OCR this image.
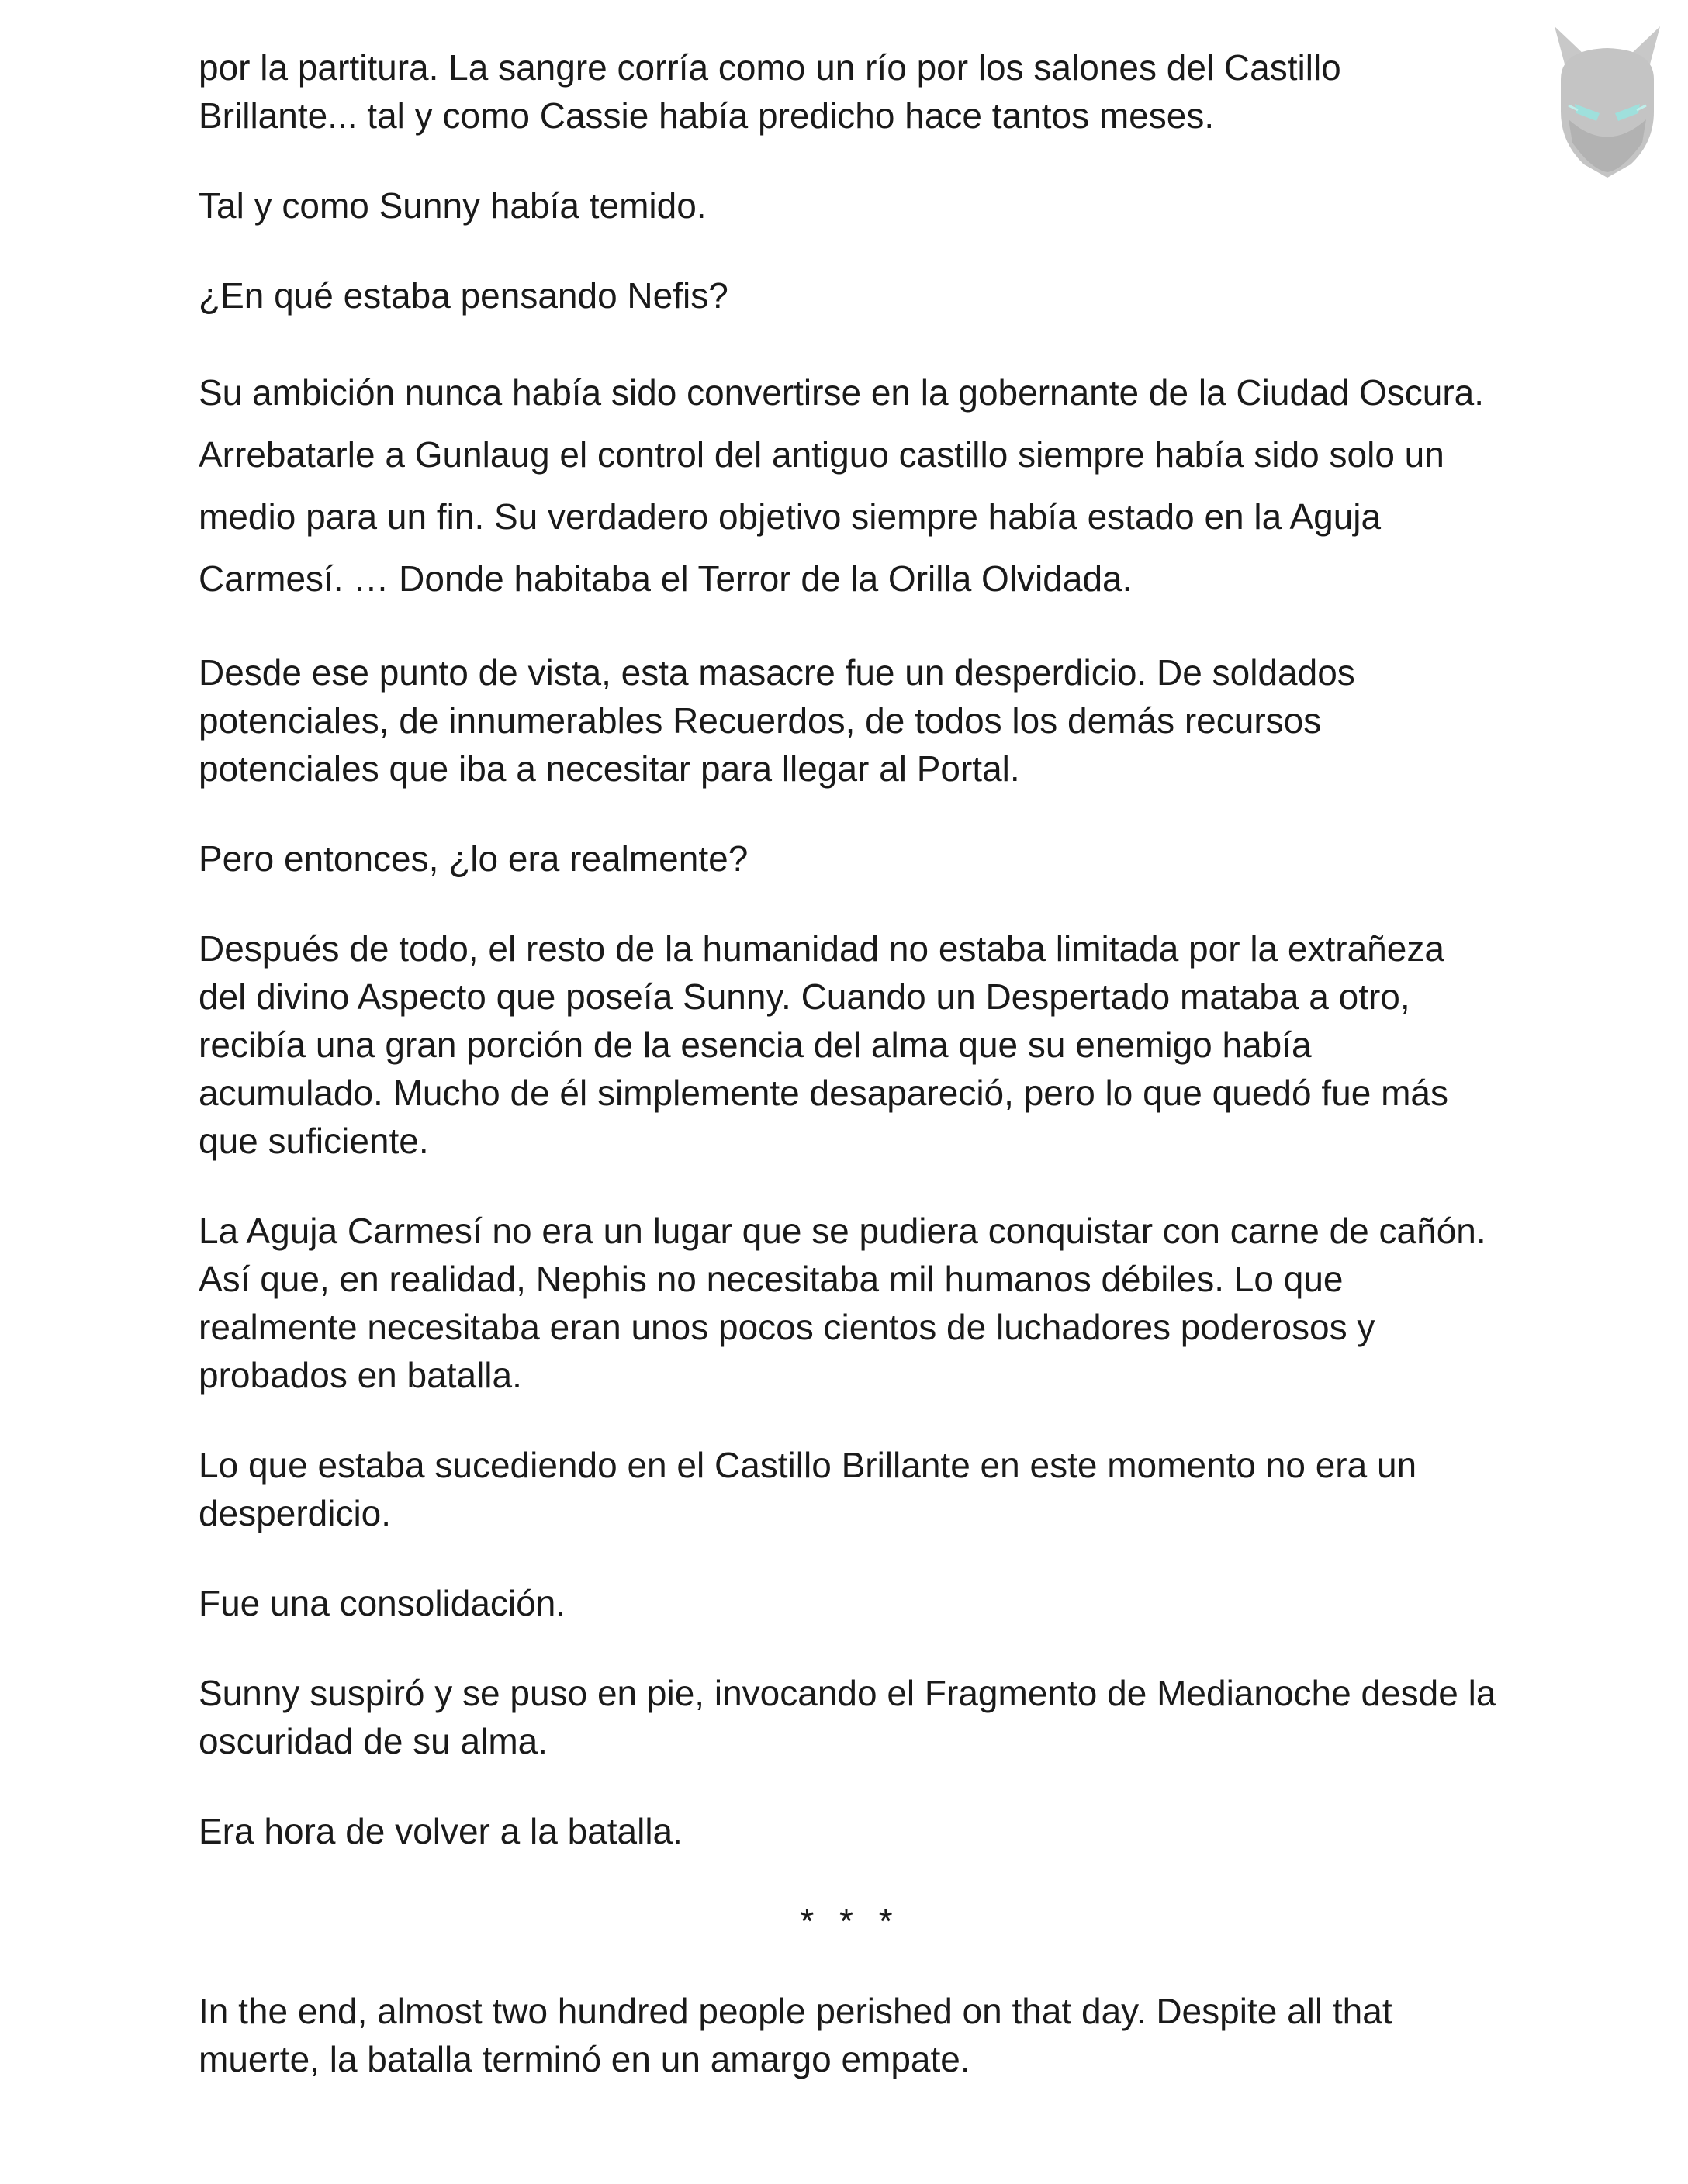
por la partitura. La sangre corría como un río por los salones del Castillo Brillante... tal y como Cassie había predicho hace tantos meses.

Tal y como Sunny había temido.

¿En qué estaba pensando Nefis?

Su ambición nunca había sido convertirse en la gobernante de la Ciudad Oscura. Arrebatarle a Gunlaug el control del antiguo castillo siempre había sido solo un medio para un fin. Su verdadero objetivo siempre había estado en la Aguja Carmesí. … Donde habitaba el Terror de la Orilla Olvidada.

Desde ese punto de vista, esta masacre fue un desperdicio. De soldados potenciales, de innumerables Recuerdos, de todos los demás recursos potenciales que iba a necesitar para llegar al Portal.

Pero entonces, ¿lo era realmente?

Después de todo, el resto de la humanidad no estaba limitada por la extrañeza del divino Aspecto que poseía Sunny. Cuando un Despertado mataba a otro, recibía una gran porción de la esencia del alma que su enemigo había acumulado. Mucho de él simplemente desapareció, pero lo que quedó fue más que suficiente.

La Aguja Carmesí no era un lugar que se pudiera conquistar con carne de cañón. Así que, en realidad, Nephis no necesitaba mil humanos débiles. Lo que realmente necesitaba eran unos pocos cientos de luchadores poderosos y probados en batalla.

Lo que estaba sucediendo en el Castillo Brillante en este momento no era un desperdicio.

Fue una consolidación.

Sunny suspiró y se puso en pie, invocando el Fragmento de Medianoche desde la oscuridad de su alma.

Era hora de volver a la batalla.

* * *

In the end, almost two hundred people perished on that day. Despite all that muerte, la batalla terminó en un amargo empate.
